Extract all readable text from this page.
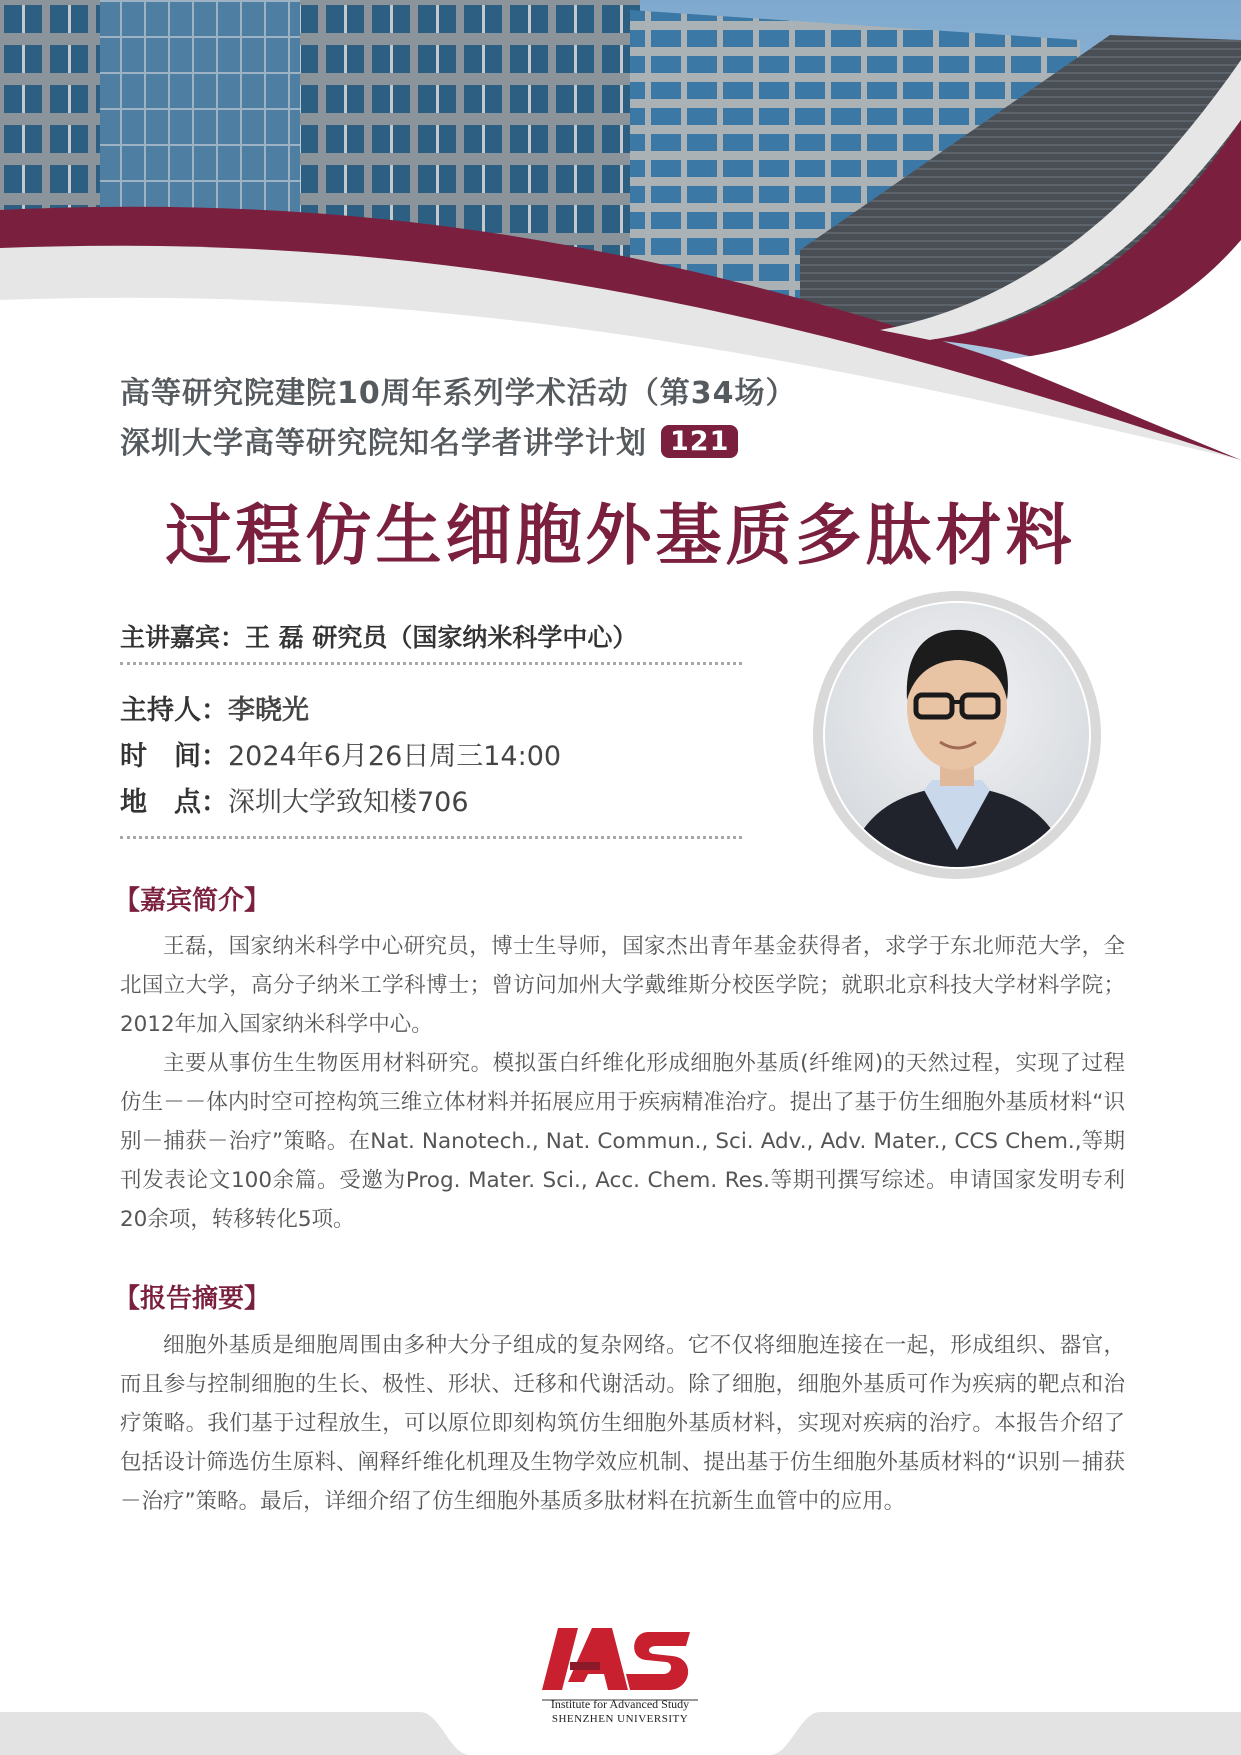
高等研究院建院10周年系列学术活动（第34场）
深圳大学高等研究院知名学者讲学计划 121
过程仿生细胞外基质多肽材料
主讲嘉宾：王 磊 研究员（国家纳米科学中心）
主持人：李晓光
时　间：2024年6月26日周三14:00
地　点：深圳大学致知楼706
【嘉宾简介】

王磊，国家纳米科学中心研究员，博士生导师，国家杰出青年基金获得者，求学于东北师范大学，全北国立大学，高分子纳米工学科博士；曾访问加州大学戴维斯分校医学院；就职北京科技大学材料学院；2012年加入国家纳米科学中心。

主要从事仿生生物医用材料研究。模拟蛋白纤维化形成细胞外基质(纤维网)的天然过程，实现了过程仿生－－体内时空可控构筑三维立体材料并拓展应用于疾病精准治疗。提出了基于仿生细胞外基质材料“识别－捕获－治疗”策略。在Nat. Nanotech., Nat. Commun., Sci. Adv., Adv. Mater., CCS Chem.,等期刊发表论文100余篇。受邀为Prog. Mater. Sci., Acc. Chem. Res.等期刊撰写综述。申请国家发明专利20余项，转移转化5项。

【报告摘要】

细胞外基质是细胞周围由多种大分子组成的复杂网络。它不仅将细胞连接在一起，形成组织、器官，而且参与控制细胞的生长、极性、形状、迁移和代谢活动。除了细胞，细胞外基质可作为疾病的靶点和治疗策略。我们基于过程放生，可以原位即刻构筑仿生细胞外基质材料，实现对疾病的治疗。本报告介绍了包括设计筛选仿生原料、阐释纤维化机理及生物学效应机制、提出基于仿生细胞外基质材料的“识别－捕获－治疗”策略。最后，详细介绍了仿生细胞外基质多肽材料在抗新生血管中的应用。

Institute for Advanced Study
SHENZHEN UNIVERSITY
